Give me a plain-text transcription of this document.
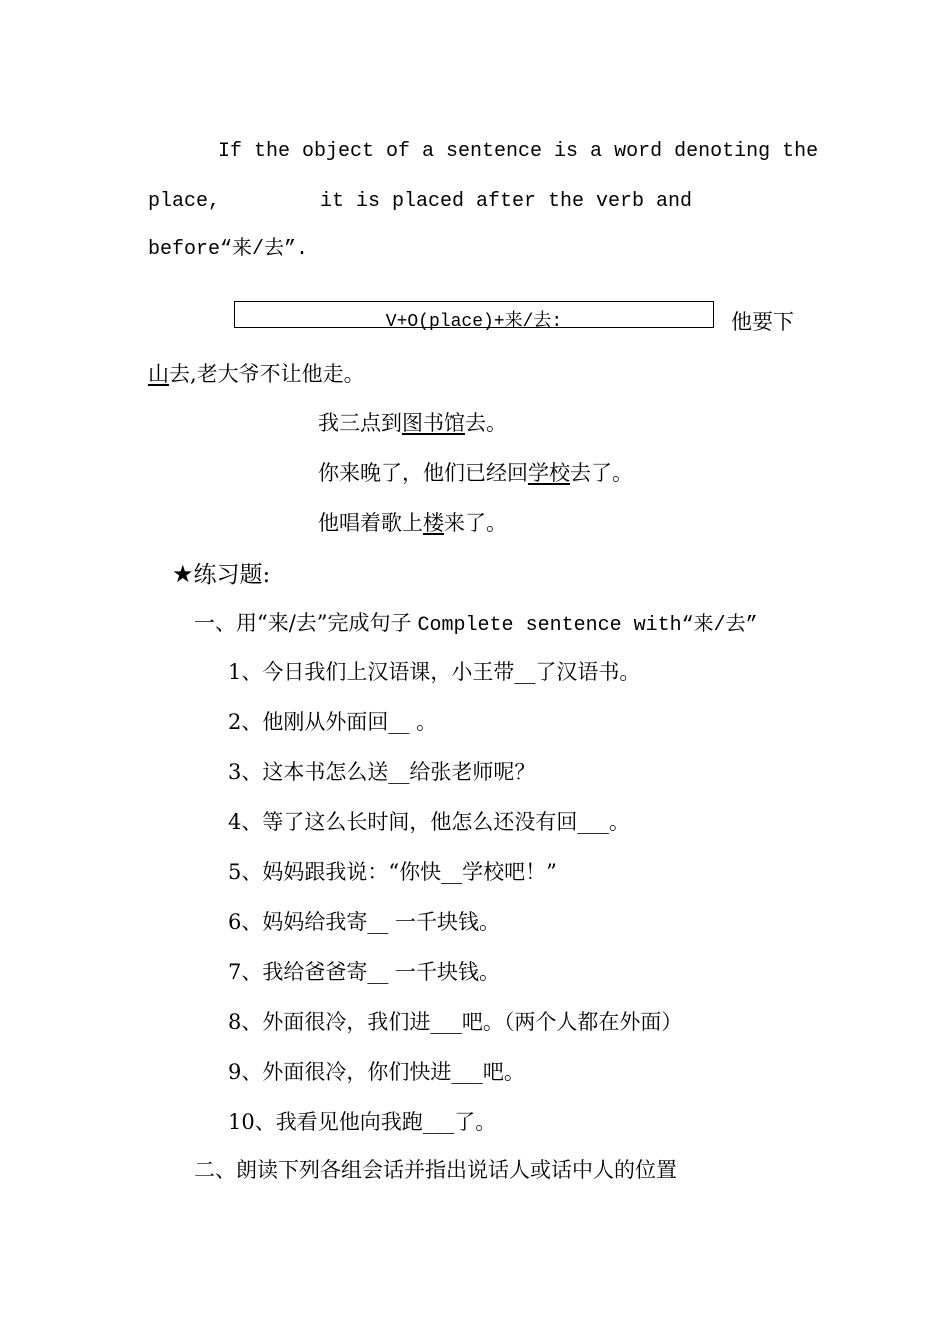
If the object of a sentence is a word denoting the
place,	it is placed after the verb and
before“来/去”.
V+O(place)+来/去:	他要下
山去,老大爷不让他走。
我三点到图书馆去。
你来晚了，他们已经回学校去了。
他唱着歌上楼来了。
★练习题:
一、用“来/去”完成句子 Complete sentence with“来/去”
1、今日我们上汉语课，小王带__了汉语书。
2、他刚从外面回__ 。
3、这本书怎么送__给张老师呢？
4、等了这么长时间，他怎么还没有回___。
5、妈妈跟我说：“你快__学校吧！”
6、妈妈给我寄__ 一千块钱。
7、我给爸爸寄__ 一千块钱。
8、外面很冷，我们进___吧。（两个人都在外面）
9、外面很冷，你们快进___吧。
10、我看见他向我跑___了。
二、朗读下列各组会话并指出说话人或话中人的位置
